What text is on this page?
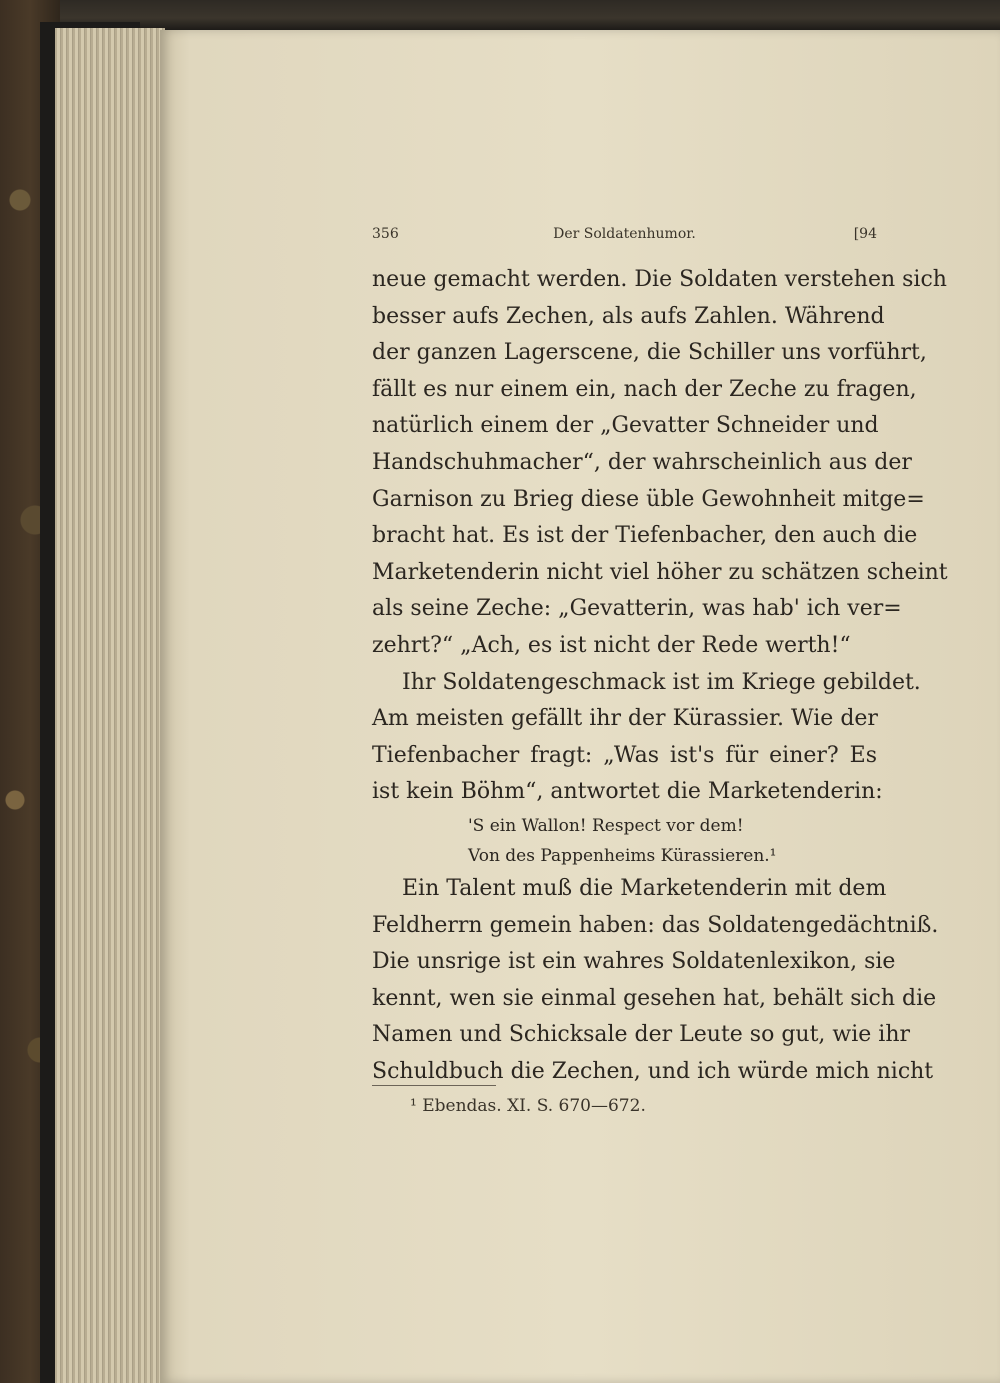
356	Der Soldatenhumor.	[94
neue gemacht werden. Die Soldaten verstehen sich
besser aufs Zechen, als aufs Zahlen. Während
der ganzen Lagerscene, die Schiller uns vorführt,
fällt es nur einem ein, nach der Zeche zu fragen,
natürlich einem der „Gevatter Schneider und
Handschuhmacher“, der wahrscheinlich aus der
Garnison zu Brieg diese üble Gewohnheit mitge=
bracht hat. Es ist der Tiefenbacher, den auch die
Marketenderin nicht viel höher zu schätzen scheint
als seine Zeche: „Gevatterin, was hab' ich ver=
zehrt?“ „Ach, es ist nicht der Rede werth!“
Ihr Soldatengeschmack ist im Kriege gebildet.
Am meisten gefällt ihr der Kürassier. Wie der
Tiefenbacher fragt: „Was ist's für einer? Es
ist kein Böhm“, antwortet die Marketenderin:
'S ein Wallon! Respect vor dem!
Von des Pappenheims Kürassieren.¹
Ein Talent muß die Marketenderin mit dem
Feldherrn gemein haben: das Soldatengedächtniß.
Die unsrige ist ein wahres Soldatenlexikon, sie
kennt, wen sie einmal gesehen hat, behält sich die
Namen und Schicksale der Leute so gut, wie ihr
Schuldbuch die Zechen, und ich würde mich nicht
¹ Ebendas. XI. S. 670—672.
